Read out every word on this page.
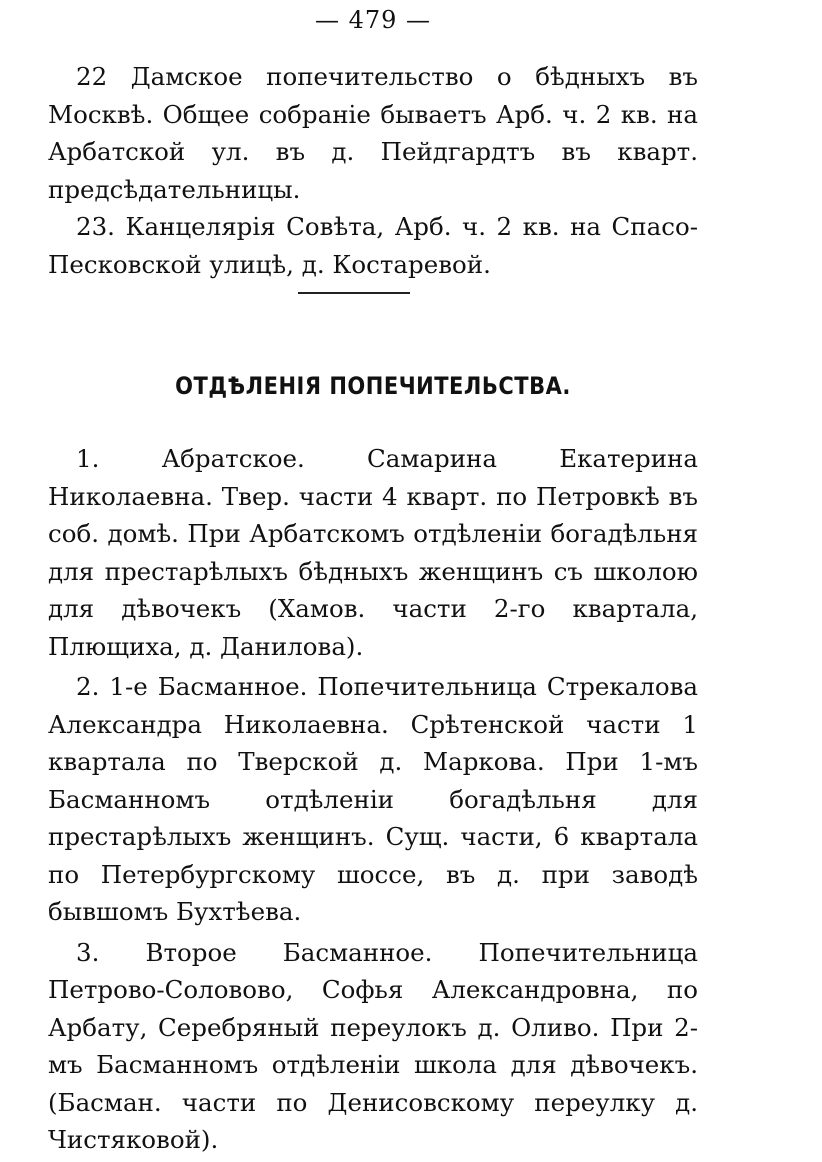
— 479 —

22 Дамское попечительство о бѣдныхъ въ Москвѣ. Общее собраніе бываетъ Арб. ч. 2 кв. на Арбатской ул. въ д. Пейдгардтъ въ кварт. предсѣдательницы.

23. Канцелярія Совѣта, Арб. ч. 2 кв. на Спасо-Песковской улицѣ, д. Костаревой.

ОТДѢЛЕНІЯ ПОПЕЧИТЕЛЬСТВА.

1. Абратское. Самарина Екатерина Николаевна. Твер. части 4 кварт. по Петровкѣ въ соб. домѣ. При Арбатскомъ отдѣленіи богадѣльня для престарѣлыхъ бѣдныхъ женщинъ съ школою для дѣвочекъ (Хамов. части 2-го квартала, Плющиха, д. Даниловa).

2. 1-е Басманное. Попечительница Стрекалова Александра Николаевна. Срѣтенской части 1 квартала по Тверской д. Маркова. При 1-мъ Басманномъ отдѣленіи богадѣльня для престарѣлыхъ женщинъ. Сущ. части, 6 квартала по Петербургскому шоссе, въ д. при заводѣ бывшомъ Бухтѣева.

3. Второе Басманное. Попечительница Петрово-Соловово, Софья Александровна, по Арбату, Серебряный переулокъ д. Оливо. При 2-мъ Басманномъ отдѣленіи школа для дѣвочекъ. (Басман. части по Денисовскому переулку д. Чистяковой).
